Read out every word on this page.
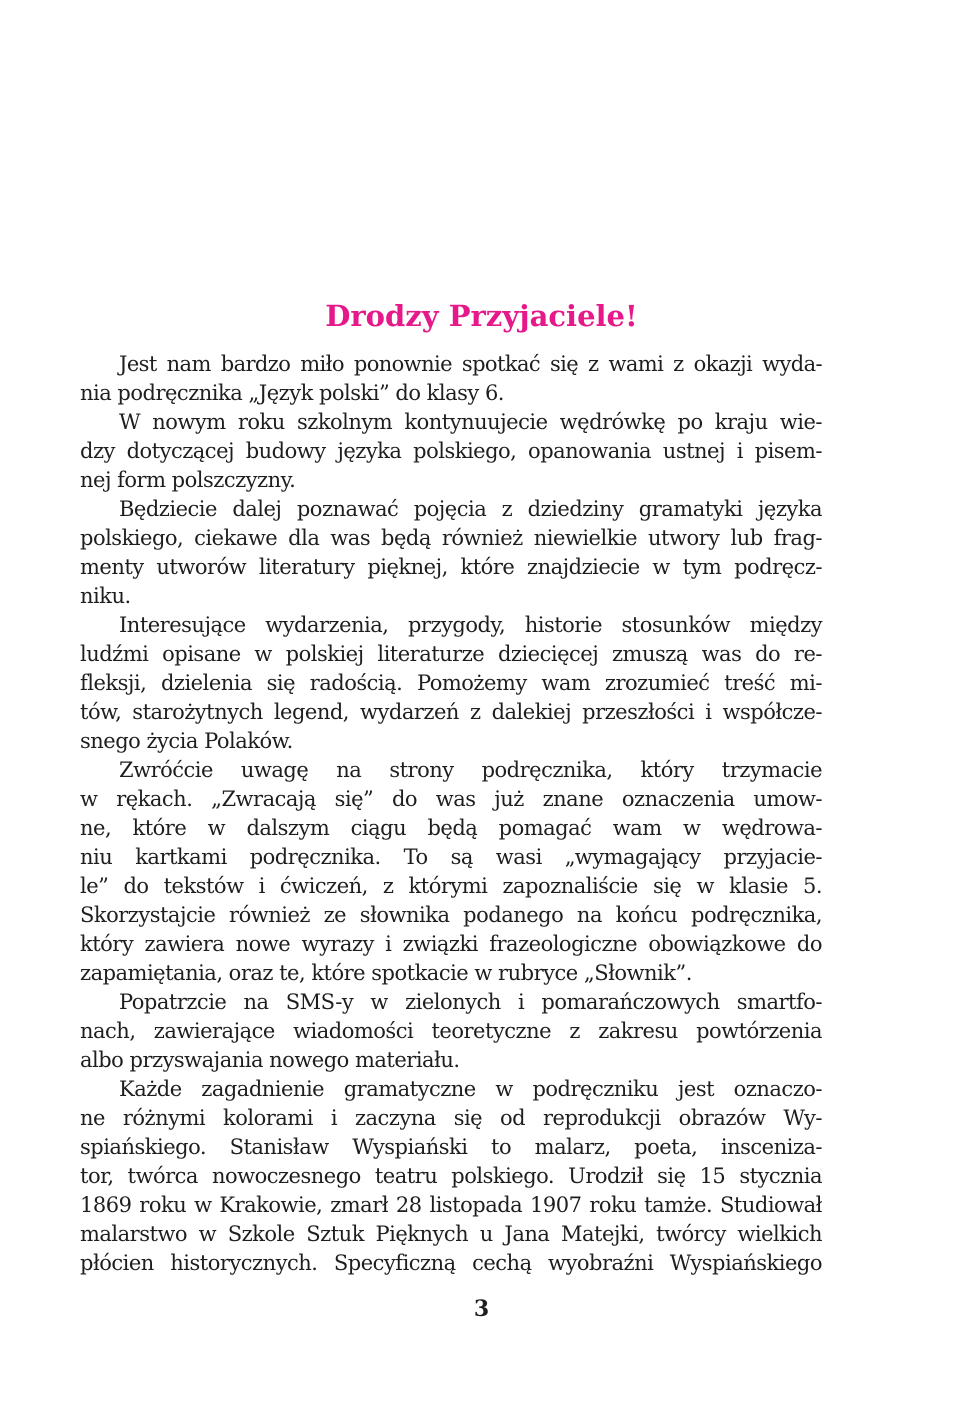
Drodzy Przyjaciele!

Jest nam bardzo miło ponownie spotkać się z wami z okazji wyda-
nia podręcznika „Język polski” do klasy 6.

W nowym roku szkolnym kontynuujecie wędrówkę po kraju wie-
dzy dotyczącej budowy języka polskiego, opanowania ustnej i pisem-
nej form polszczyzny.

Będziecie dalej poznawać pojęcia z dziedziny gramatyki języka
polskiego, ciekawe dla was będą również niewielkie utwory lub frag-
menty utworów literatury pięknej, które znajdziecie w tym podręcz-
niku.

Interesujące wydarzenia, przygody, historie stosunków między
ludźmi opisane w polskiej literaturze dziecięcej zmuszą was do re-
fleksji, dzielenia się radością. Pomożemy wam zrozumieć treść mi-
tów, starożytnych legend, wydarzeń z dalekiej przeszłości i współcze-
snego życia Polaków.

Zwróćcie uwagę na strony podręcznika, który trzymacie
w rękach. „Zwracają się” do was już znane oznaczenia umow-
ne, które w dalszym ciągu będą pomagać wam w wędrowa-
niu kartkami podręcznika. To są wasi „wymagający przyjacie-
le” do tekstów i ćwiczeń, z którymi zapoznaliście się w klasie 5.
Skorzystajcie również ze słownika podanego na końcu podręcznika,
który zawiera nowe wyrazy i związki frazeologiczne obowiązkowe do
zapamiętania, oraz te, które spotkacie w rubryce „Słownik”.

Popatrzcie na SMS-y w zielonych i pomarańczowych smartfo-
nach, zawierające wiadomości teoretyczne z zakresu powtórzenia
albo przyswajania nowego materiału.

Każde zagadnienie gramatyczne w podręczniku jest oznaczo-
ne różnymi kolorami i zaczyna się od reprodukcji obrazów Wy-
spiańskiego. Stanisław Wyspiański to malarz, poeta, inscenizа-
tor, twórca nowoczesnego teatru polskiego. Urodził się 15 stycznia
1869 roku w Krakowie, zmarł 28 listopada 1907 roku tamże. Studiował
malarstwo w Szkole Sztuk Pięknych u Jana Matejki, twórcy wielkich
płócien historycznych. Specyficzną cechą wyobraźni Wyspiańskiego

3
